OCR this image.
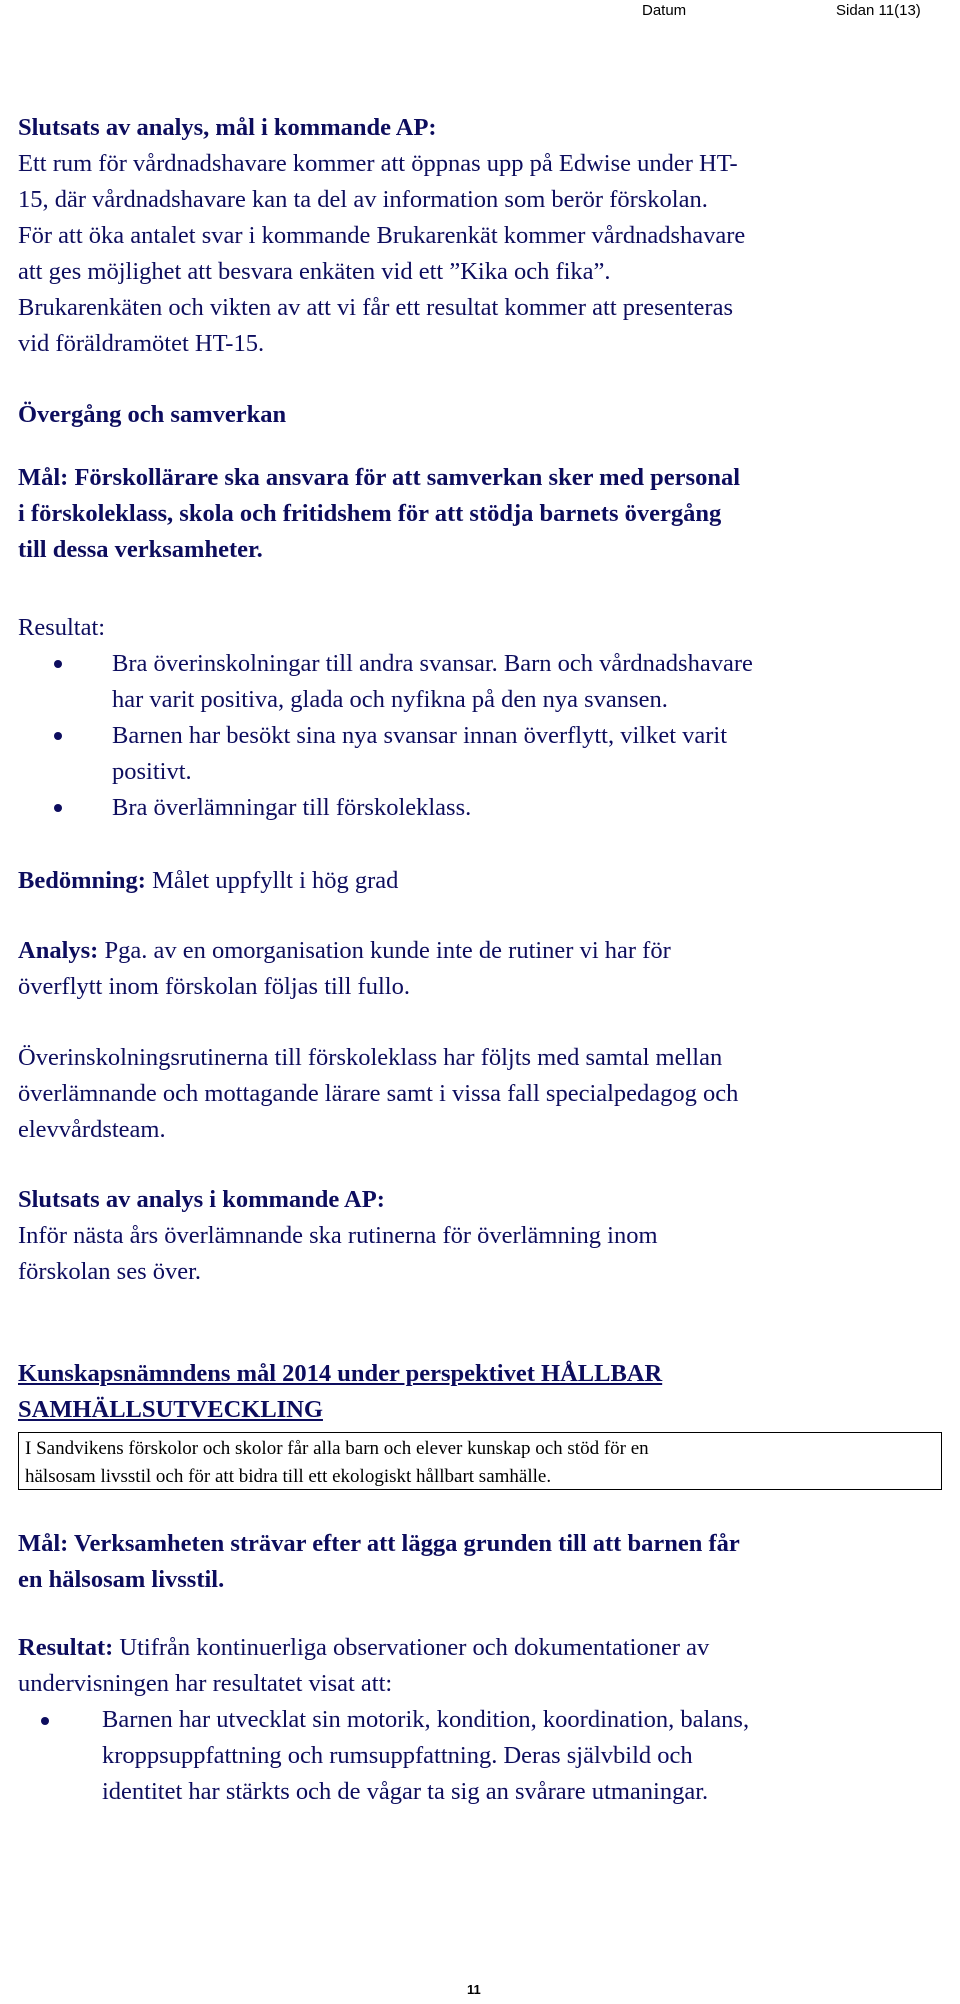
Datum	Sidan 11(13)
Slutsats av analys, mål i kommande AP:
Ett rum för vårdnadshavare kommer att öppnas upp på Edwise under HT-
15, där vårdnadshavare kan ta del av information som berör förskolan.
För att öka antalet svar i kommande Brukarenkät kommer vårdnadshavare
att ges möjlighet att besvara enkäten vid ett ”Kika och fika”.
Brukarenkäten och vikten av att vi får ett resultat kommer att presenteras
vid föräldramötet HT-15.
Övergång och samverkan
Mål: Förskollärare ska ansvara för att samverkan sker med personal
i förskoleklass, skola och fritidshem för att stödja barnets övergång
till dessa verksamheter.
Resultat:
Bra överinskolningar till andra svansar. Barn och vårdnadshavare
har varit positiva, glada och nyfikna på den nya svansen.
Barnen har besökt sina nya svansar innan överflytt, vilket varit
positivt.
Bra överlämningar till förskoleklass.
Bedömning: Målet uppfyllt i hög grad
Analys: Pga. av en omorganisation kunde inte de rutiner vi har för
överflytt inom förskolan följas till fullo.
Överinskolningsrutinerna till förskoleklass har följts med samtal mellan
överlämnande och mottagande lärare samt i vissa fall specialpedagog och
elevvårdsteam.
Slutsats av analys i kommande AP:
Inför nästa års överlämnande ska rutinerna för överlämning inom
förskolan ses över.
Kunskapsnämndens mål 2014 under perspektivet HÅLLBAR
SAMHÄLLSUTVECKLING
I Sandvikens förskolor och skolor får alla barn och elever kunskap och stöd för en
hälsosam livsstil och för att bidra till ett ekologiskt hållbart samhälle.
Mål: Verksamheten strävar efter att lägga grunden till att barnen får
en hälsosam livsstil.
Resultat: Utifrån kontinuerliga observationer och dokumentationer av
undervisningen har resultatet visat att:
Barnen har utvecklat sin motorik, kondition, koordination, balans,
kroppsuppfattning och rumsuppfattning. Deras självbild och
identitet har stärkts och de vågar ta sig an svårare utmaningar.
11
